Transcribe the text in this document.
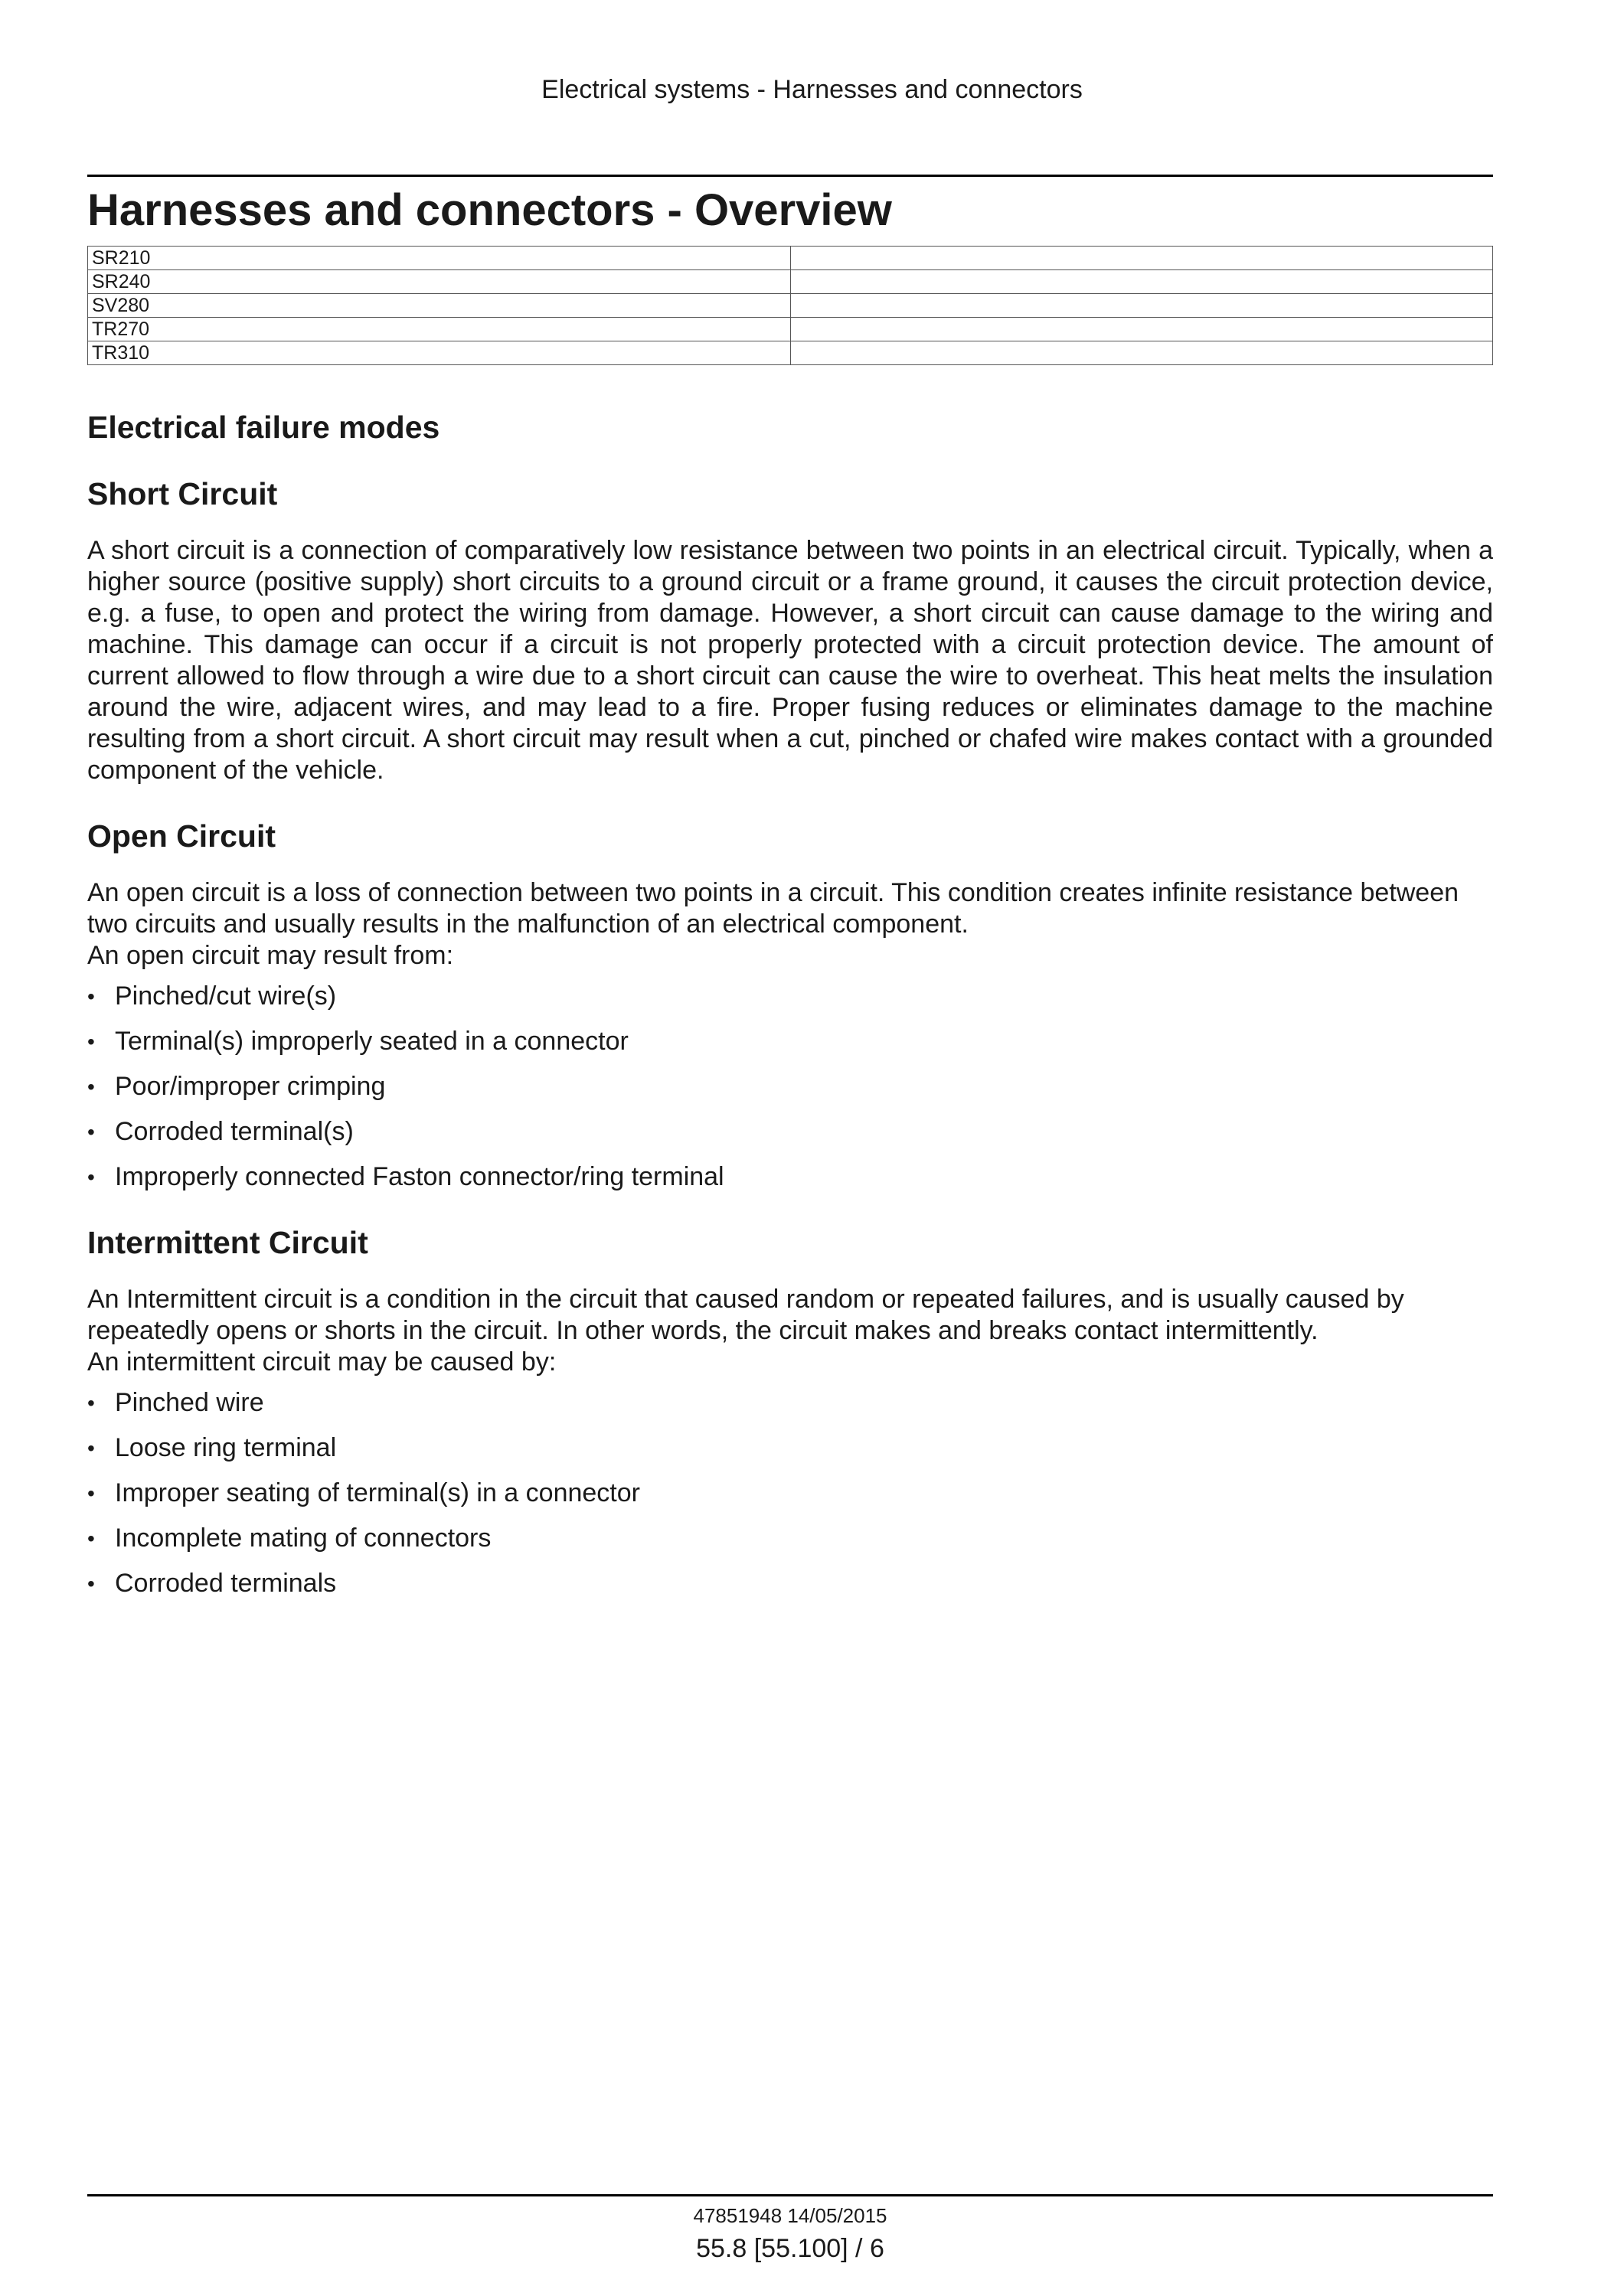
Electrical systems - Harnesses and connectors
Harnesses and connectors - Overview
SR210	
SR240	
SV280	
TR270	
TR310	
Electrical failure modes
Short Circuit

A short circuit is a connection of comparatively low resistance between two points in an electrical circuit. Typically, when a higher source (positive supply) short circuits to a ground circuit or a frame ground, it causes the circuit protection device, e.g. a fuse, to open and protect the wiring from damage. However, a short circuit can cause damage to the wiring and machine. This damage can occur if a circuit is not properly protected with a circuit protection device. The amount of current allowed to flow through a wire due to a short circuit can cause the wire to overheat. This heat melts the insulation around the wire, adjacent wires, and may lead to a fire. Proper fusing reduces or eliminates damage to the machine resulting from a short circuit. A short circuit may result when a cut, pinched or chafed wire makes contact with a grounded component of the vehicle.

Open Circuit

An open circuit is a loss of connection between two points in a circuit. This condition creates infinite resistance between two circuits and usually results in the malfunction of an electrical component.

An open circuit may result from:

• Pinched/cut wire(s)
• Terminal(s) improperly seated in a connector
• Poor/improper crimping
• Corroded terminal(s)
• Improperly connected Faston connector/ring terminal
Intermittent Circuit

An Intermittent circuit is a condition in the circuit that caused random or repeated failures, and is usually caused by repeatedly opens or shorts in the circuit. In other words, the circuit makes and breaks contact intermittently.

An intermittent circuit may be caused by:

• Pinched wire
• Loose ring terminal
• Improper seating of terminal(s) in a connector
• Incomplete mating of connectors
• Corroded terminals
47851948 14/05/2015
55.8 [55.100] / 6
